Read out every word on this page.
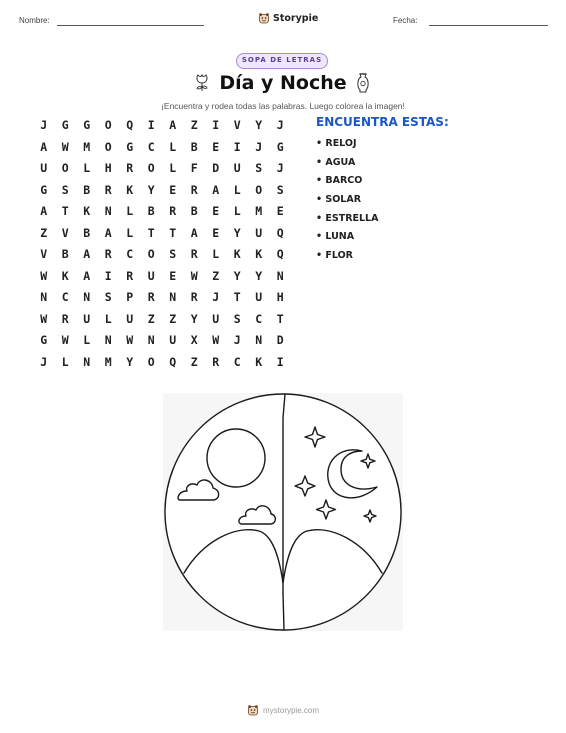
Nombre:	Storypie	Fecha:
SOPA DE LETRAS
Día y Noche
¡Encuentra y rodea todas las palabras. Luego colorea la imagen!
J	G	G	O	Q	I	A	Z	I	V	Y	J
A	W	M	O	G	C	L	B	E	I	J	G
U	O	L	H	R	O	L	F	D	U	S	J
G	S	B	R	K	Y	E	R	A	L	O	S
A	T	K	N	L	B	R	B	E	L	M	E
Z	V	B	A	L	T	T	A	E	Y	U	Q
V	B	A	R	C	O	S	R	L	K	K	Q
W	K	A	I	R	U	E	W	Z	Y	Y	N
N	C	N	S	P	R	N	R	J	T	U	H
W	R	U	L	U	Z	Z	Y	U	S	C	T
G	W	L	N	W	N	U	X	W	J	N	D
J	L	N	M	Y	O	Q	Z	R	C	K	I
ENCUENTRA ESTAS:
• RELOJ
• AGUA
• BARCO
• SOLAR
• ESTRELLA
• LUNA
• FLOR
mystorypie.com
